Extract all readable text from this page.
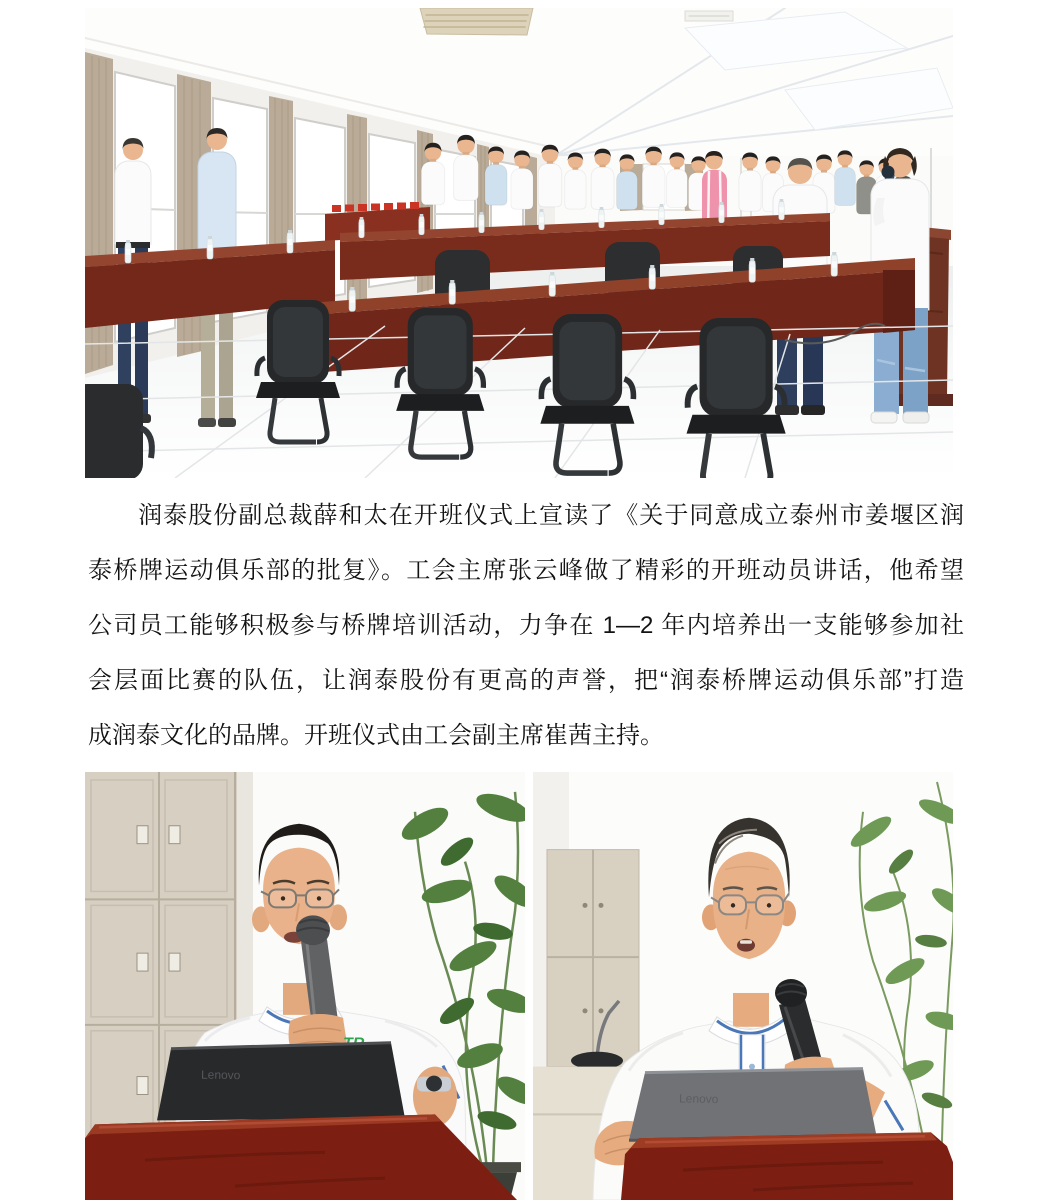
　　润泰股份副总裁薛和太在开班仪式上宣读了《关于同意成立泰州市姜堰区润
泰桥牌运动俱乐部的批复》。工会主席张云峰做了精彩的开班动员讲话，他希望
公司员工能够积极参与桥牌培训活动，力争在 1—2 年内培养出一支能够参加社
会层面比赛的队伍，让润泰股份有更高的声誉，把“润泰桥牌运动俱乐部”打造
成润泰文化的品牌。开班仪式由工会副主席崔茜主持。
Lenovo
Lenovo
